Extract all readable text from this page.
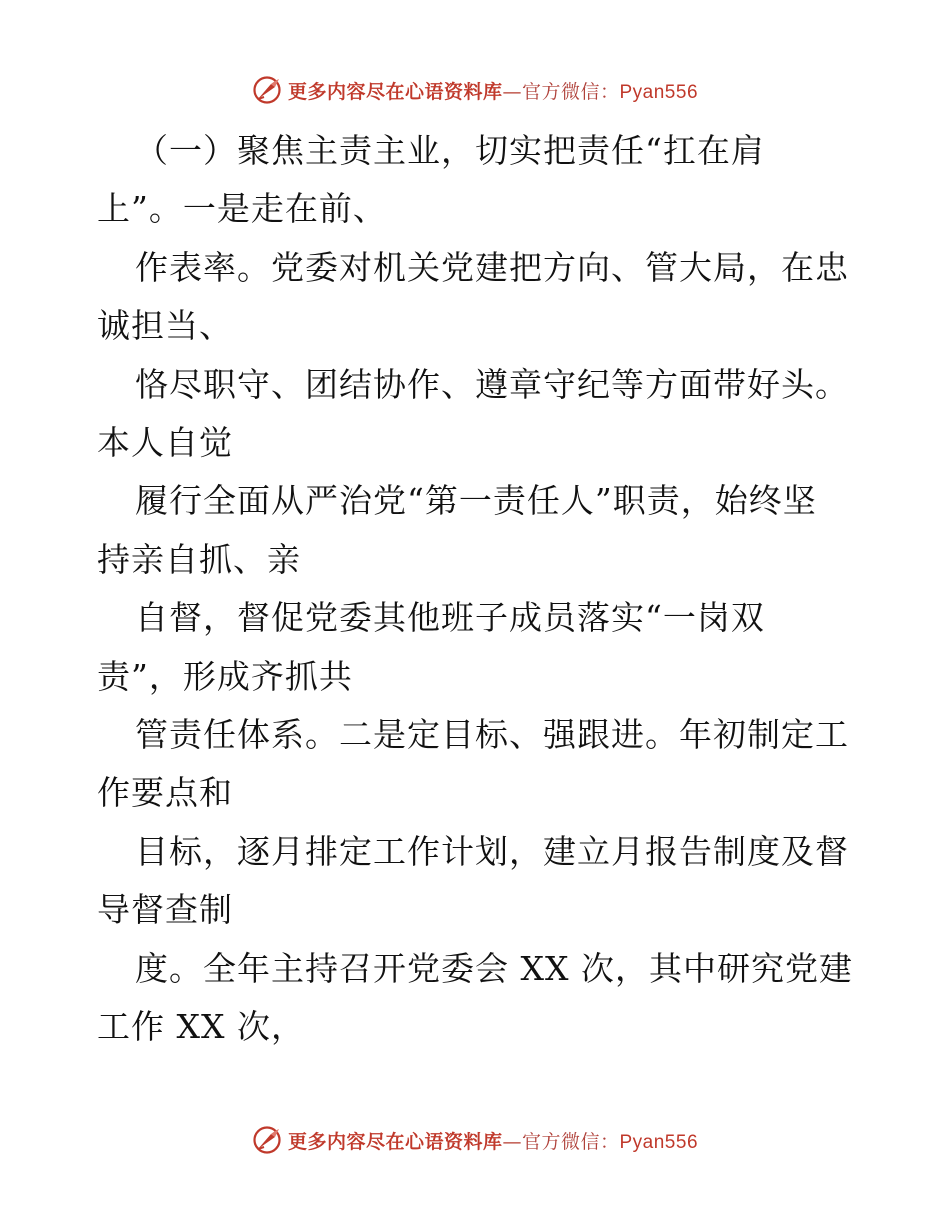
更多内容尽在心语资料库—官方微信：Pyan556
（一）聚焦主责主业，切实把责任“扛在肩
上”。一是走在前、
作表率。党委对机关党建把方向、管大局，在忠
诚担当、
恪尽职守、团结协作、遵章守纪等方面带好头。
本人自觉
履行全面从严治党“第一责任人”职责，始终坚
持亲自抓、亲
自督，督促党委其他班子成员落实“一岗双
责”，形成齐抓共
管责任体系。二是定目标、强跟进。年初制定工
作要点和
目标，逐月排定工作计划，建立月报告制度及督
导督查制
度。全年主持召开党委会 XX 次，其中研究党建
工作 XX 次，
更多内容尽在心语资料库—官方微信：Pyan556
